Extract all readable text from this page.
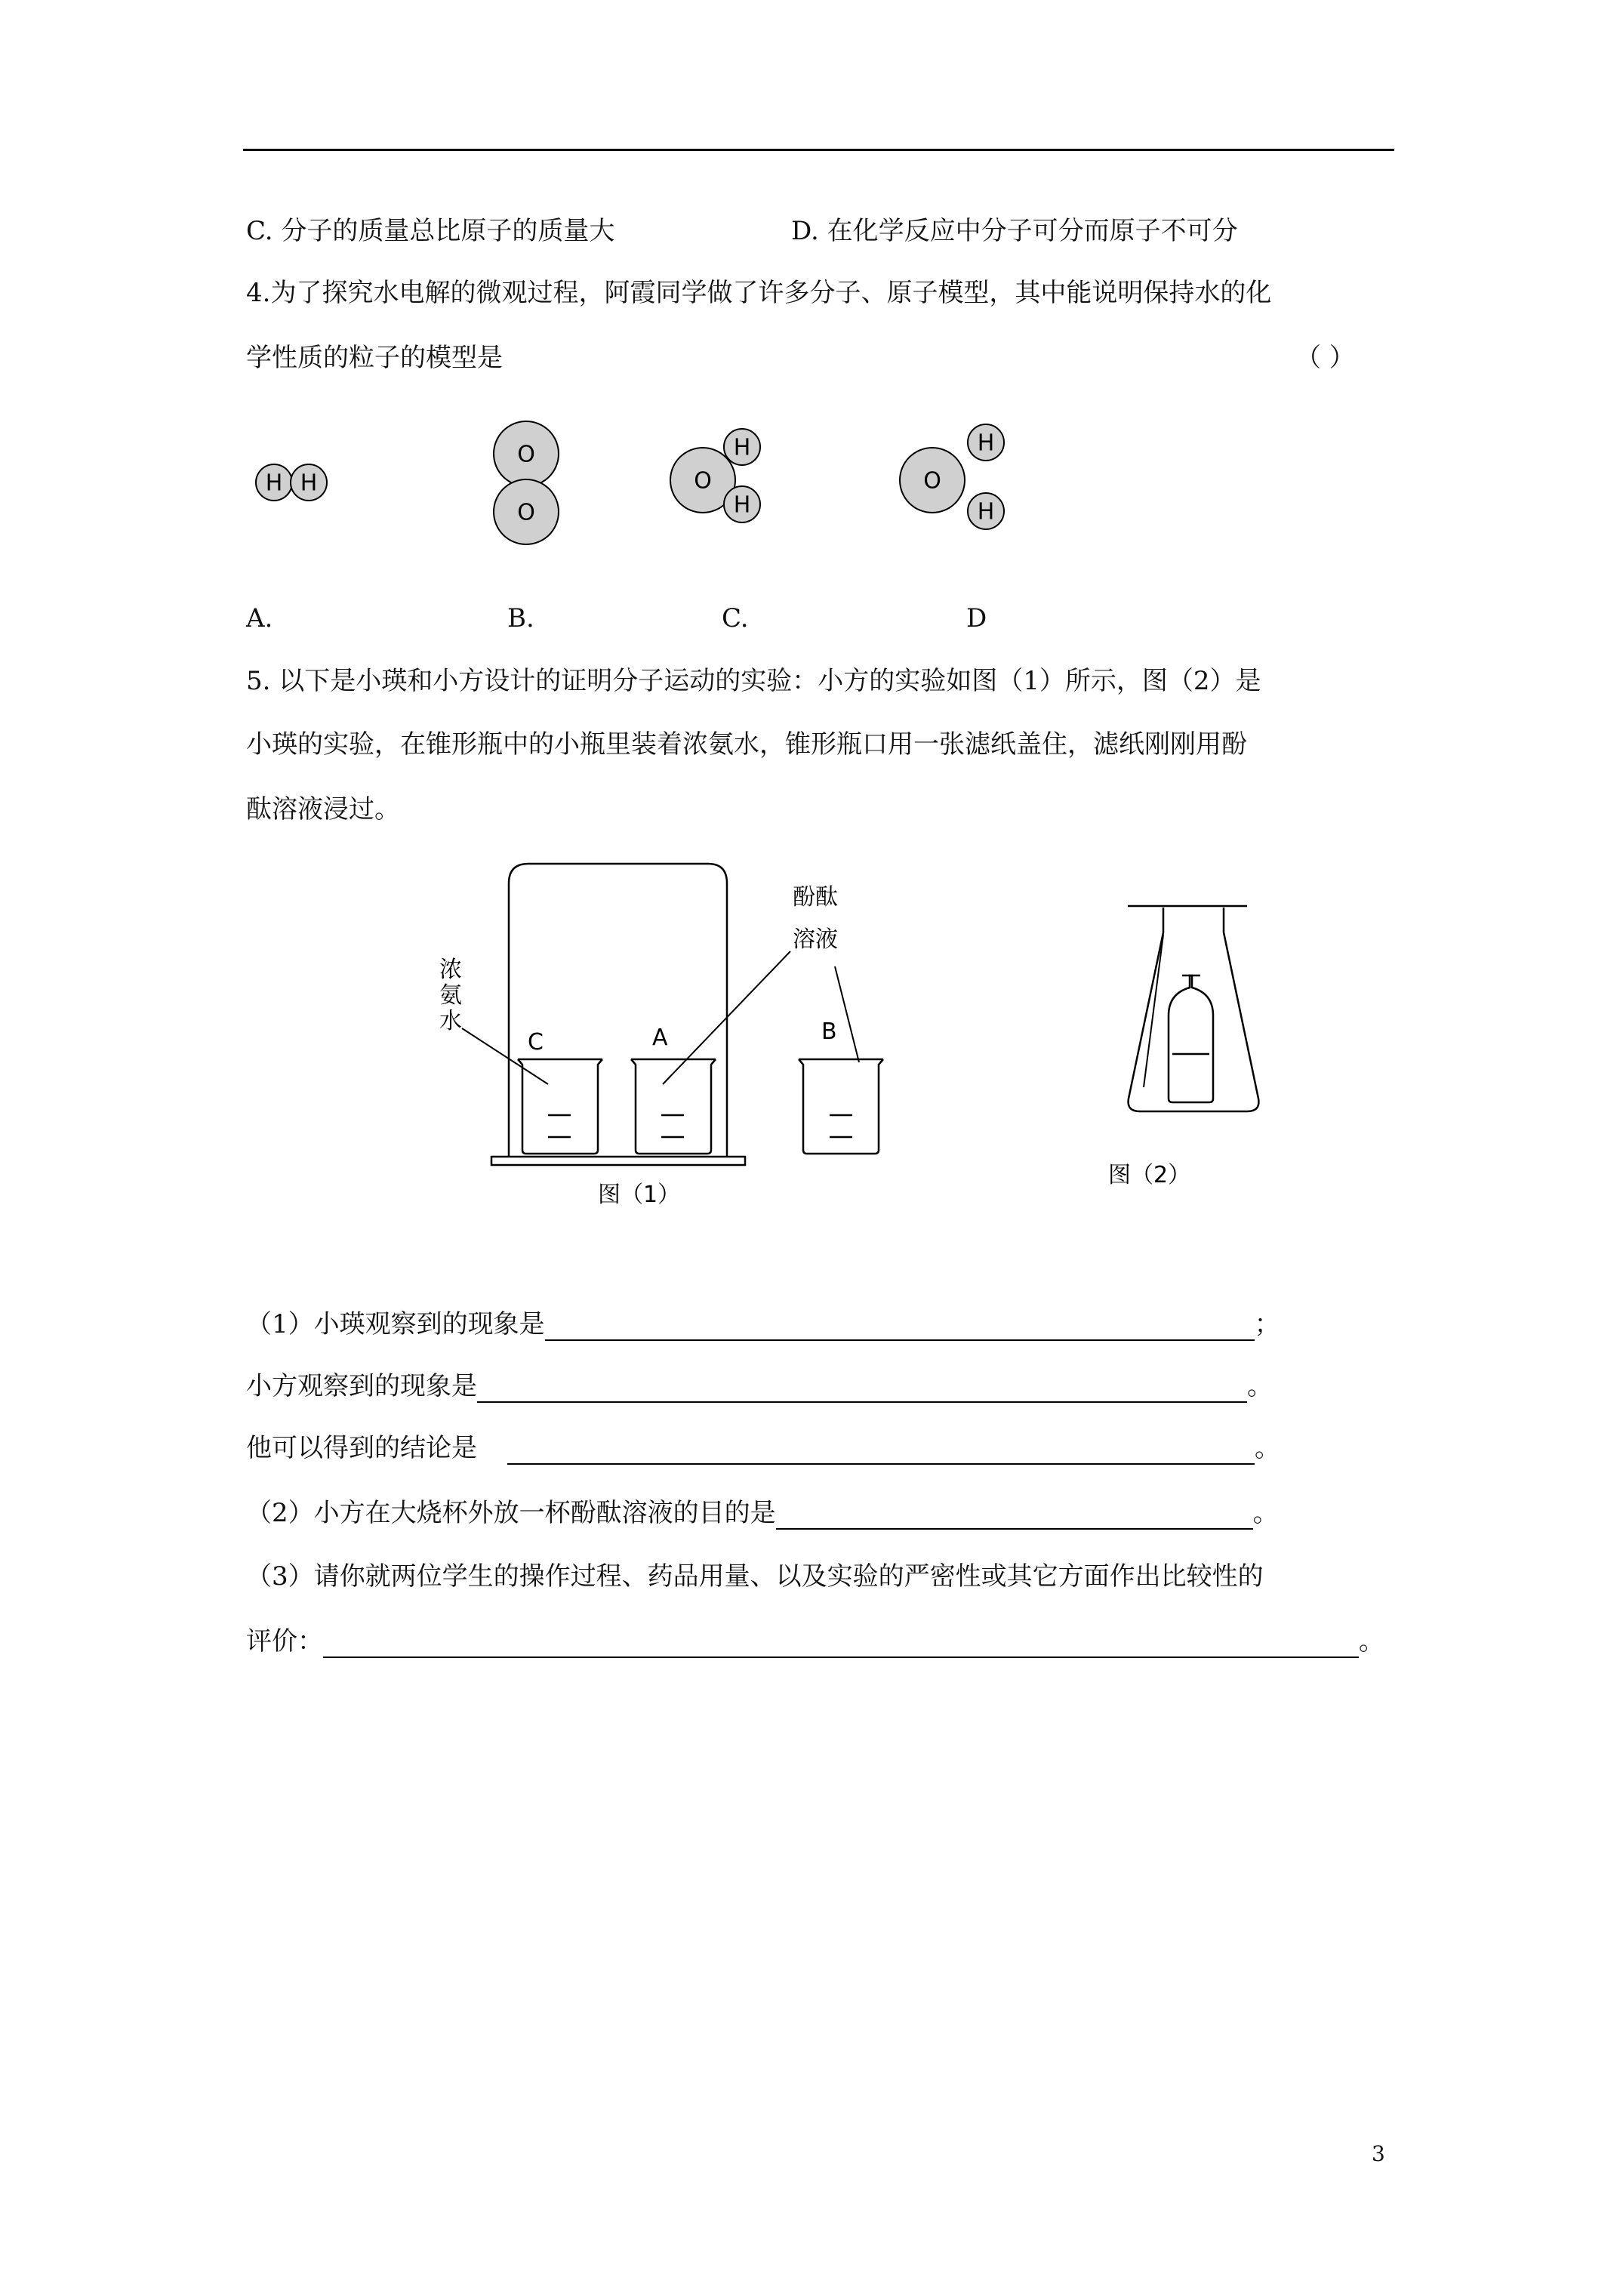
C. 分子的质量总比原子的质量大	D. 在化学反应中分子可分而原子不可分
4.为了探究水电解的微观过程，阿霞同学做了许多分子、原子模型，其中能说明保持水的化
学性质的粒子的模型是	（ ）
H H
O
O
O
H
H
O
H
H
A.	B.	C.	D
5. 以下是小瑛和小方设计的证明分子运动的实验：小方的实验如图（1）所示，图（2）是
小瑛的实验，在锥形瓶中的小瓶里装着浓氨水，锥形瓶口用一张滤纸盖住，滤纸刚刚用酚
酞溶液浸过。
浓
氨
水
酚酞
溶液
C	A	B
图（1）
图（2）
（1）小瑛观察到的现象是	；
小方观察到的现象是	。
他可以得到的结论是	。
（2）小方在大烧杯外放一杯酚酞溶液的目的是	。
（3）请你就两位学生的操作过程、药品用量、以及实验的严密性或其它方面作出比较性的
评价：	。
3
